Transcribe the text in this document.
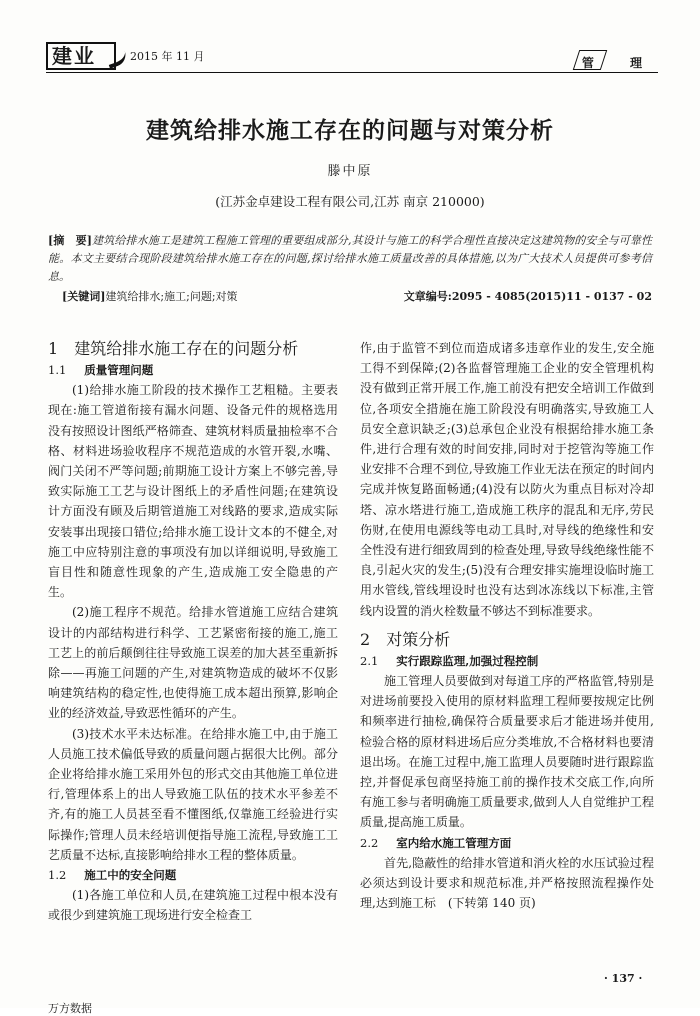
建业	2015 年 11 月	管 理
建筑给排水施工存在的问题与对策分析
滕中原
(江苏金卓建设工程有限公司,江苏 南京 210000)
[摘　要]建筑给排水施工是建筑工程施工管理的重要组成部分,其设计与施工的科学合理性直接决定这建筑物的安全与可靠性能。本文主要结合现阶段建筑给排水施工存在的问题,探讨给排水施工质量改善的具体措施,以为广大技术人员提供可参考信息。
[关键词]建筑给排水;施工;问题;对策	文章编号:2095 - 4085(2015)11 - 0137 - 02

1 建筑给排水施工存在的问题分析

1.1 质量管理问题

(1)给排水施工阶段的技术操作工艺粗糙。主要表现在:施工管道衔接有漏水问题、设备元件的规格选用没有按照设计图纸严格筛查、建筑材料质量抽检率不合格、材料进场验收程序不规范造成的水管开裂,水嘴、阀门关闭不严等问题;前期施工设计方案上不够完善,导致实际施工工艺与设计图纸上的矛盾性问题;在建筑设计方面没有顾及后期管道施工对线路的要求,造成实际安装事出现接口错位;给排水施工设计文本的不健全,对施工中应特别注意的事项没有加以详细说明,导致施工盲目性和随意性现象的产生,造成施工安全隐患的产生。

(2)施工程序不规范。给排水管道施工应结合建筑设计的内部结构进行科学、工艺紧密衔接的施工,施工工艺上的前后颠倒往往导致施工误差的加大甚至重新拆除——再施工问题的产生,对建筑物造成的破坏不仅影响建筑结构的稳定性,也使得施工成本超出预算,影响企业的经济效益,导致恶性循环的产生。

(3)技术水平未达标准。在给排水施工中,由于施工人员施工技术偏低导致的质量问题占据很大比例。部分企业将给排水施工采用外包的形式交由其他施工单位进行,管理体系上的出人导致施工队伍的技术水平参差不齐,有的施工人员甚至看不懂图纸,仅靠施工经验进行实际操作;管理人员未经培训便指导施工流程,导致施工工艺质量不达标,直接影响给排水工程的整体质量。

1.2 施工中的安全问题

(1)各施工单位和人员,在建筑施工过程中根本没有或很少到建筑施工现场进行安全检查工

作,由于监管不到位而造成诸多违章作业的发生,安全施工得不到保障;(2)各监督管理施工企业的安全管理机构没有做到正常开展工作,施工前没有把安全培训工作做到位,各项安全措施在施工阶段没有明确落实,导致施工人员安全意识缺乏;(3)总承包企业没有根据给排水施工条件,进行合理有效的时间安排,同时对于挖管沟等施工作业安排不合理不到位,导致施工作业无法在预定的时间内完成并恢复路面畅通;(4)没有以防火为重点目标对冷却塔、凉水塔进行施工,造成施工秩序的混乱和无序,劳民伤财,在使用电源线等电动工具时,对导线的绝缘性和安全性没有进行细致周到的检查处理,导致导线绝缘性能不良,引起火灾的发生;(5)没有合理安排实施埋设临时施工用水管线,管线埋设时也没有达到冰冻线以下标准,主管线内设置的消火栓数量不够达不到标准要求。

2 对策分析

2.1 实行跟踪监理,加强过程控制

施工管理人员要做到对每道工序的严格监管,特别是对进场前要投入使用的原材料监理工程师要按规定比例和频率进行抽检,确保符合质量要求后才能进场并使用,检验合格的原材料进场后应分类堆放,不合格材料也要清退出场。在施工过程中,施工监理人员要随时进行跟踪监控,并督促承包商坚持施工前的操作技术交底工作,向所有施工参与者明确施工质量要求,做到人人自觉维护工程质量,提高施工质量。

2.2 室内给水施工管理方面

首先,隐蔽性的给排水管道和消火栓的水压试验过程必须达到设计要求和规范标准,并严格按照流程操作处理,达到施工标　(下转第 140 页)

· 137 ·
万方数据
